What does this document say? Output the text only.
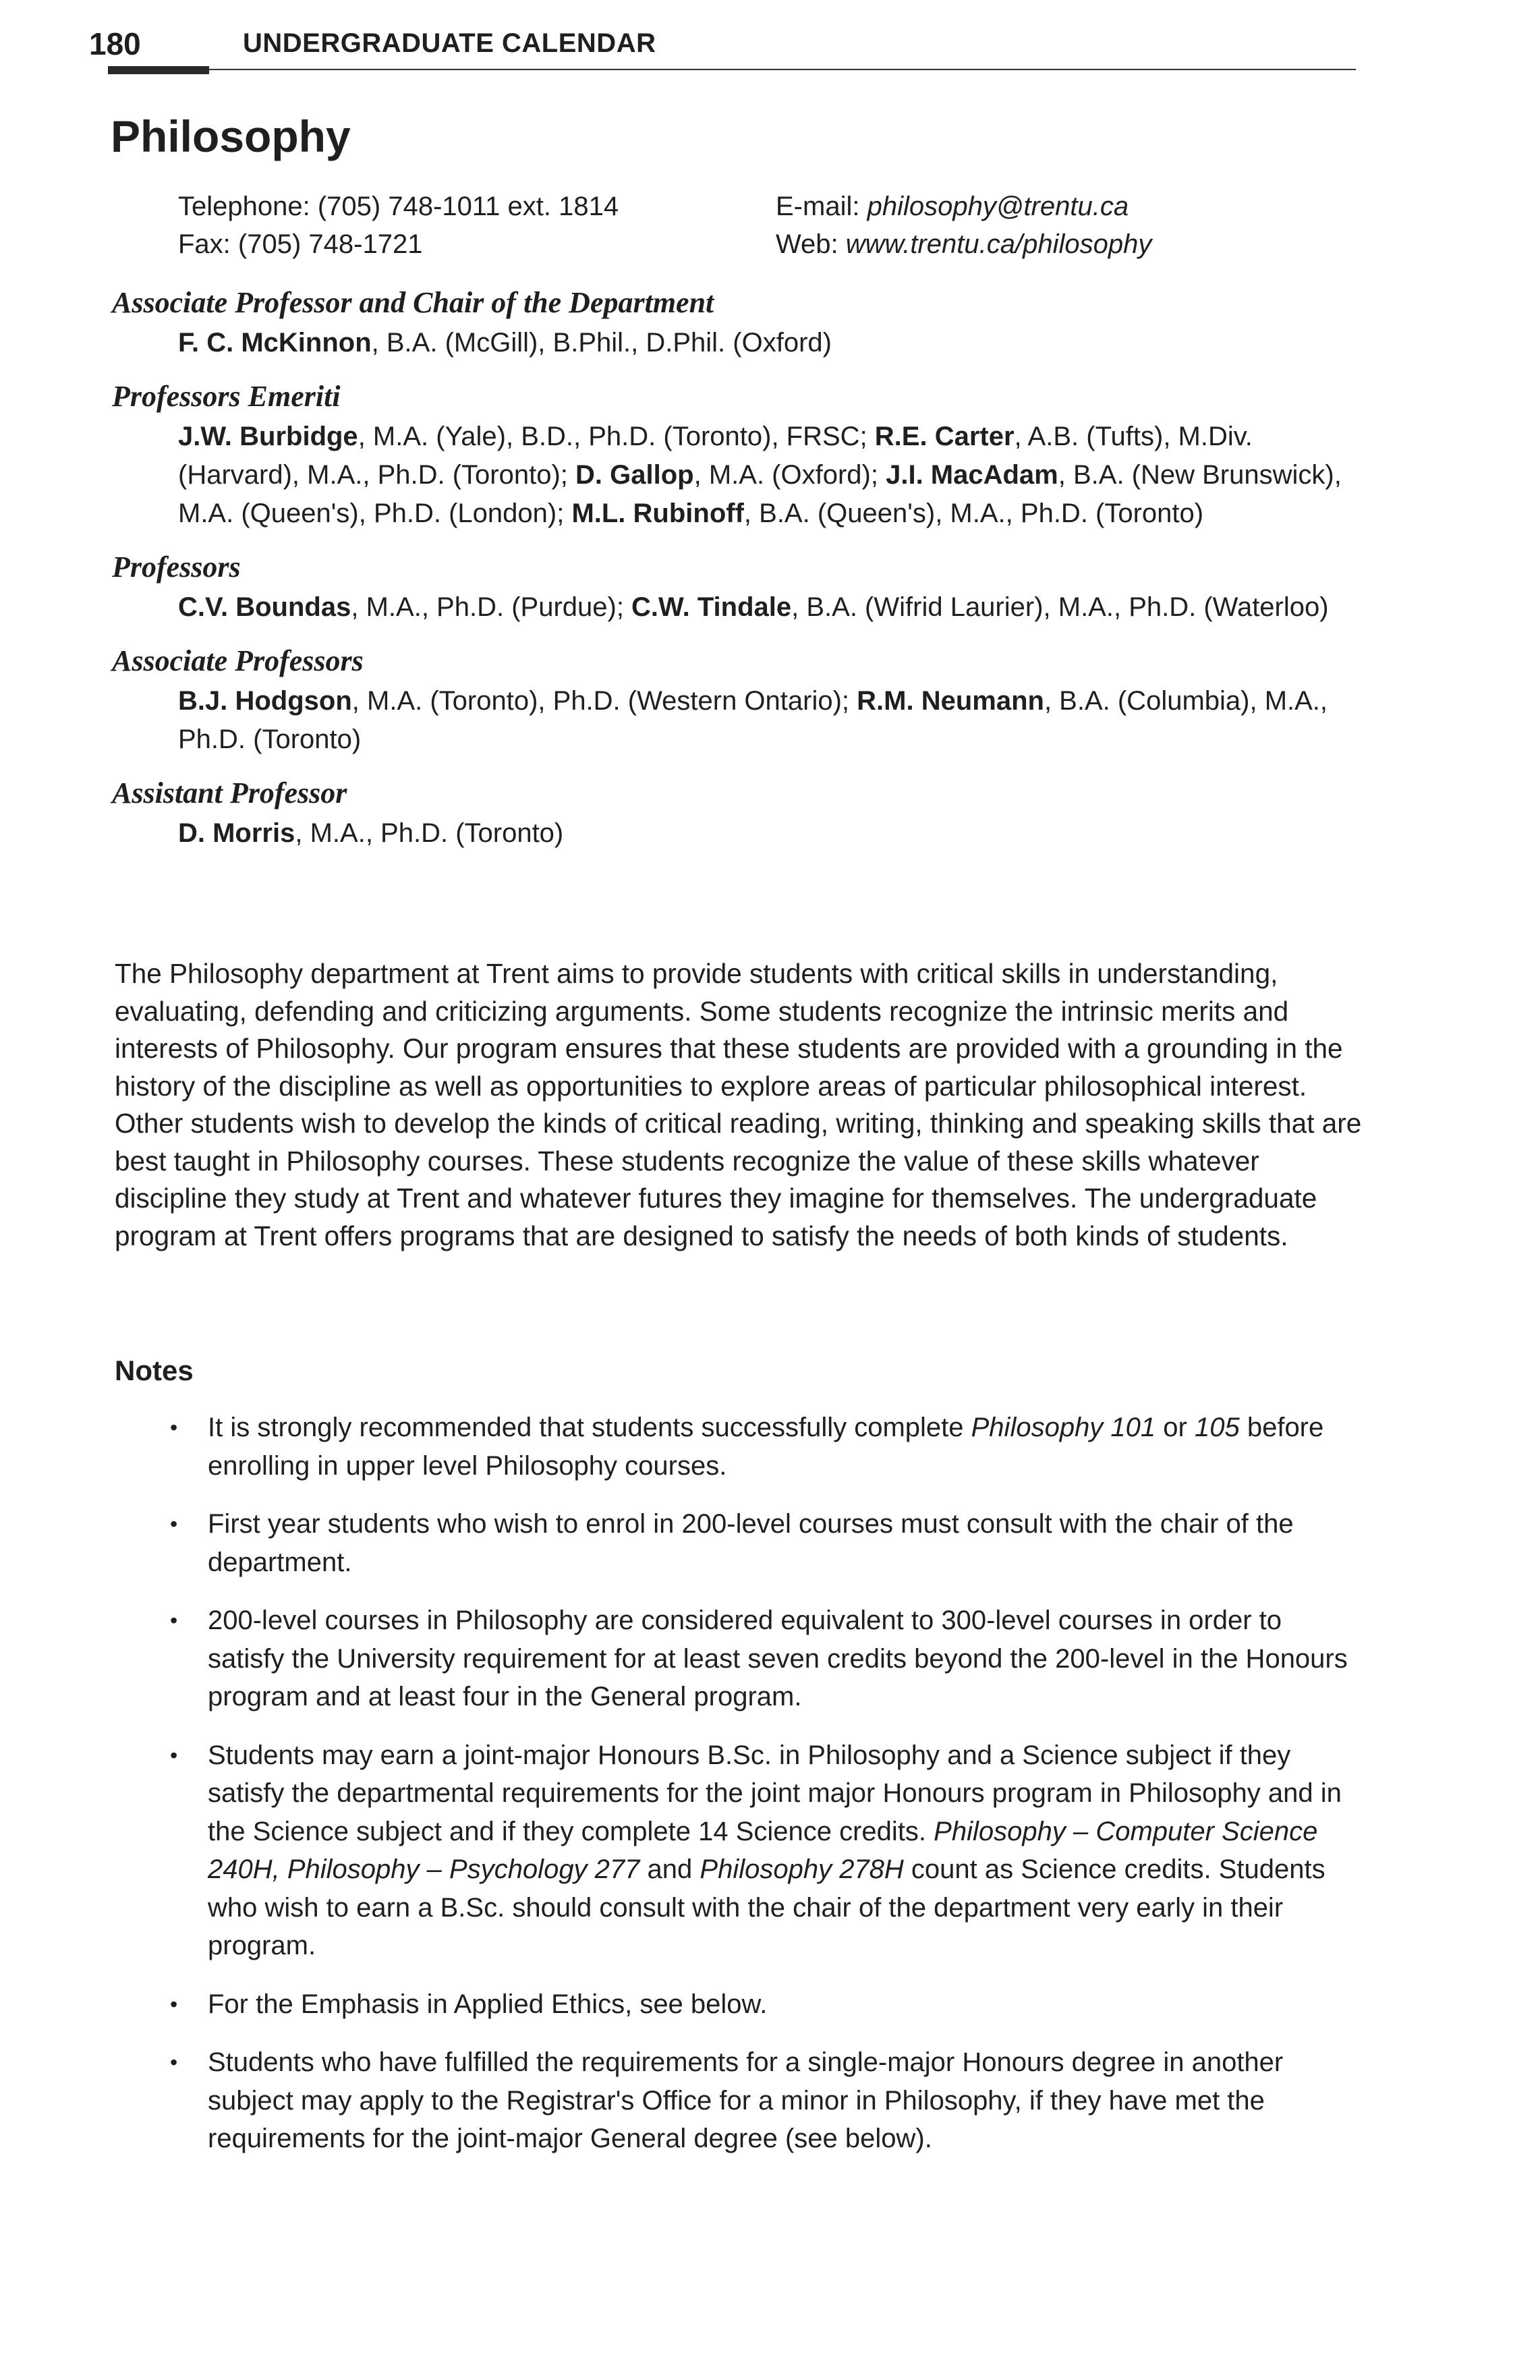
180	UNDERGRADUATE CALENDAR
Philosophy
Telephone: (705) 748-1011 ext. 1814
Fax: (705) 748-1721
E-mail: philosophy@trentu.ca
Web: www.trentu.ca/philosophy
Associate Professor and Chair of the Department
F. C. McKinnon, B.A. (McGill), B.Phil., D.Phil. (Oxford)
Professors Emeriti
J.W. Burbidge, M.A. (Yale), B.D., Ph.D. (Toronto), FRSC; R.E. Carter, A.B. (Tufts), M.Div. (Harvard), M.A., Ph.D. (Toronto); D. Gallop, M.A. (Oxford); J.I. MacAdam, B.A. (New Brunswick), M.A. (Queen's), Ph.D. (London); M.L. Rubinoff, B.A. (Queen's), M.A., Ph.D. (Toronto)
Professors
C.V. Boundas, M.A., Ph.D. (Purdue); C.W. Tindale, B.A. (Wifrid Laurier), M.A., Ph.D. (Waterloo)
Associate Professors
B.J. Hodgson, M.A. (Toronto), Ph.D. (Western Ontario); R.M. Neumann, B.A. (Columbia), M.A., Ph.D. (Toronto)
Assistant Professor
D. Morris, M.A., Ph.D. (Toronto)

The Philosophy department at Trent aims to provide students with critical skills in understanding, evaluating, defending and criticizing arguments. Some students recognize the intrinsic merits and interests of Philosophy. Our program ensures that these students are provided with a grounding in the history of the discipline as well as opportunities to explore areas of particular philosophical interest. Other students wish to develop the kinds of critical reading, writing, thinking and speaking skills that are best taught in Philosophy courses. These students recognize the value of these skills whatever discipline they study at Trent and whatever futures they imagine for themselves. The undergraduate program at Trent offers programs that are designed to satisfy the needs of both kinds of students.

Notes
• It is strongly recommended that students successfully complete Philosophy 101 or 105 before enrolling in upper level Philosophy courses.
• First year students who wish to enrol in 200-level courses must consult with the chair of the department.
• 200-level courses in Philosophy are considered equivalent to 300-level courses in order to satisfy the University requirement for at least seven credits beyond the 200-level in the Honours program and at least four in the General program.
• Students may earn a joint-major Honours B.Sc. in Philosophy and a Science subject if they satisfy the departmental requirements for the joint major Honours program in Philosophy and in the Science subject and if they complete 14 Science credits. Philosophy – Computer Science 240H, Philosophy – Psychology 277 and Philosophy 278H count as Science credits. Students who wish to earn a B.Sc. should consult with the chair of the department very early in their program.
• For the Emphasis in Applied Ethics, see below.
• Students who have fulfilled the requirements for a single-major Honours degree in another subject may apply to the Registrar's Office for a minor in Philosophy, if they have met the requirements for the joint-major General degree (see below).
